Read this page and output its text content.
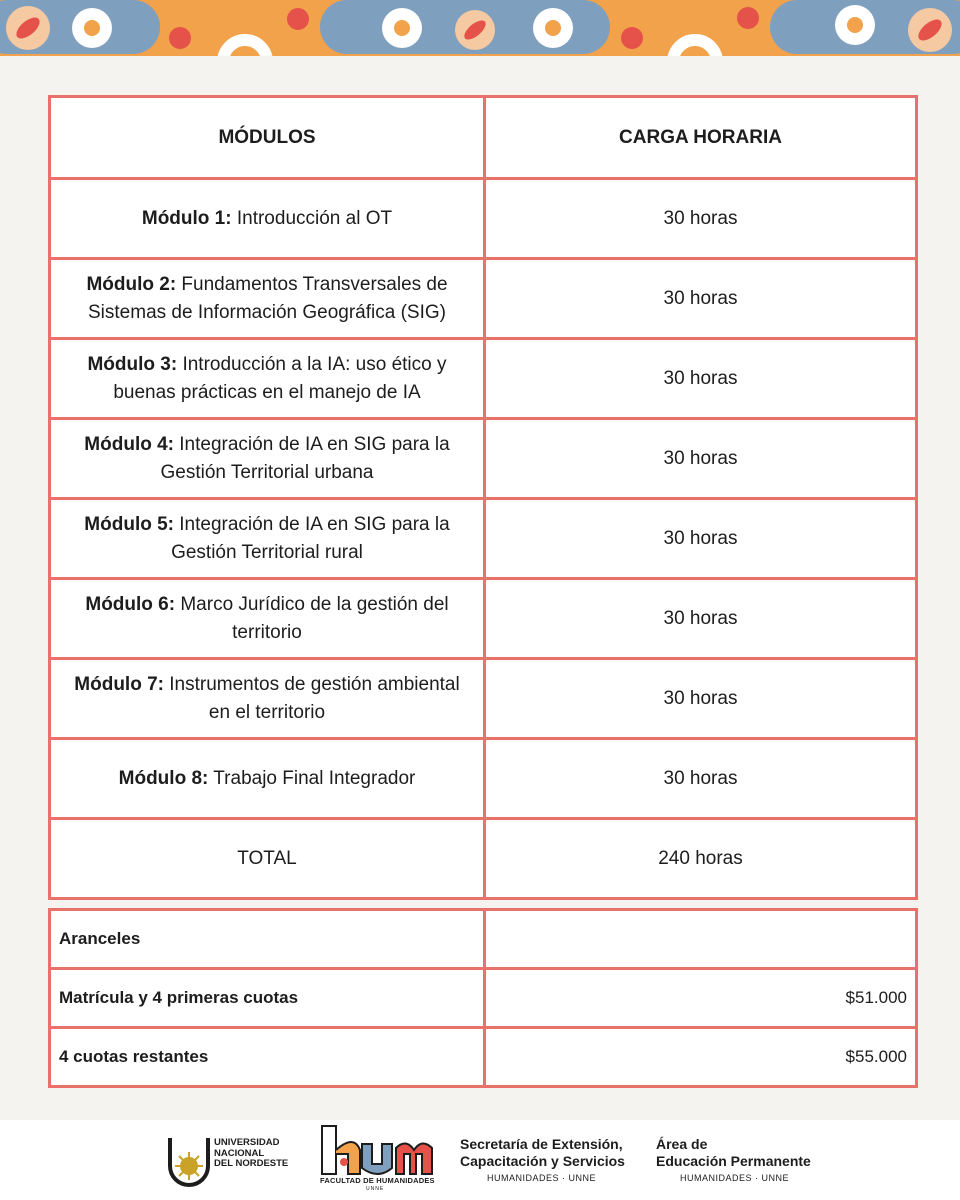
MÓDULOS	CARGA HORARIA
Módulo 1: Introducción al OT	30 horas
Módulo 2: Fundamentos Transversales de Sistemas de Información Geográfica (SIG)	30 horas
Módulo 3: Introducción a la IA: uso ético y buenas prácticas en el manejo de IA	30 horas
Módulo 4: Integración de IA en SIG para la Gestión Territorial urbana	30 horas
Módulo 5: Integración de IA en SIG para la Gestión Territorial rural	30 horas
Módulo 6: Marco Jurídico de la gestión del territorio	30 horas
Módulo 7: Instrumentos de gestión ambiental en el territorio	30 horas
Módulo 8: Trabajo Final Integrador	30 horas
TOTAL	240 horas
Aranceles	
Matrícula y 4 primeras cuotas	$51.000
4 cuotas restantes	$55.000
UNIVERSIDAD
NACIONAL
DEL NORDESTE
FACULTAD DE HUMANIDADES
UNNE
Secretaría de Extensión,
Capacitación y Servicios
HUMANIDADES · UNNE
Área de
Educación Permanente
HUMANIDADES · UNNE
